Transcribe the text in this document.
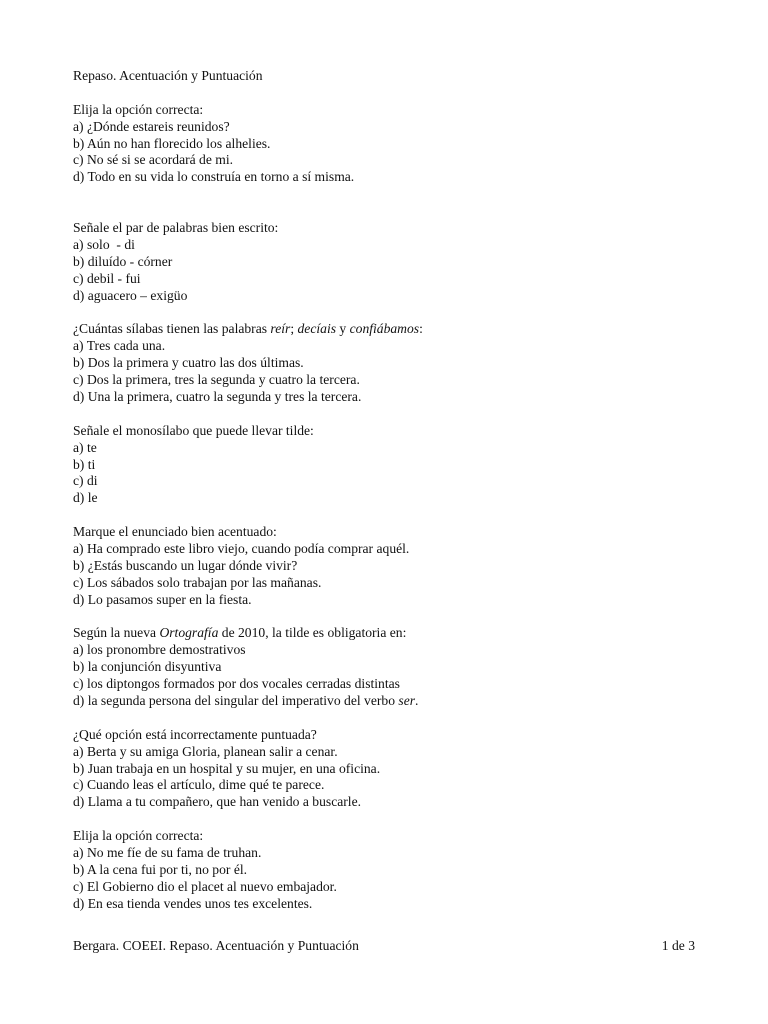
Repaso. Acentuación y Puntuación
Elija la opción correcta:
a) ¿Dónde estareis reunidos?
b) Aún no han florecido los alhelies.
c) No sé si se acordará de mi.
d) Todo en su vida lo construía en torno a sí misma.
Señale el par de palabras bien escrito:
a) solo  - di
b) diluído - córner
c) debil - fui
d) aguacero – exigüo
¿Cuántas sílabas tienen las palabras reír; decíais y confiábamos:
a) Tres cada una.
b) Dos la primera y cuatro las dos últimas.
c) Dos la primera, tres la segunda y cuatro la tercera.
d) Una la primera, cuatro la segunda y tres la tercera.
Señale el monosílabo que puede llevar tilde:
a) te
b) ti
c) di
d) le
Marque el enunciado bien acentuado:
a) Ha comprado este libro viejo, cuando podía comprar aquél.
b) ¿Estás buscando un lugar dónde vivir?
c) Los sábados solo trabajan por las mañanas.
d) Lo pasamos super en la fiesta.
Según la nueva Ortografía de 2010, la tilde es obligatoria en:
a) los pronombre demostrativos
b) la conjunción disyuntiva
c) los diptongos formados por dos vocales cerradas distintas
d) la segunda persona del singular del imperativo del verbo ser.
¿Qué opción está incorrectamente puntuada?
a) Berta y su amiga Gloria, planean salir a cenar.
b) Juan trabaja en un hospital y su mujer, en una oficina.
c) Cuando leas el artículo, dime qué te parece.
d) Llama a tu compañero, que han venido a buscarle.
Elija la opción correcta:
a) No me fíe de su fama de truhan.
b) A la cena fui por ti, no por él.
c) El Gobierno dio el placet al nuevo embajador.
d) En esa tienda vendes unos tes excelentes.
Bergara. COEEI. Repaso. Acentuación y Puntuación	1 de 3
